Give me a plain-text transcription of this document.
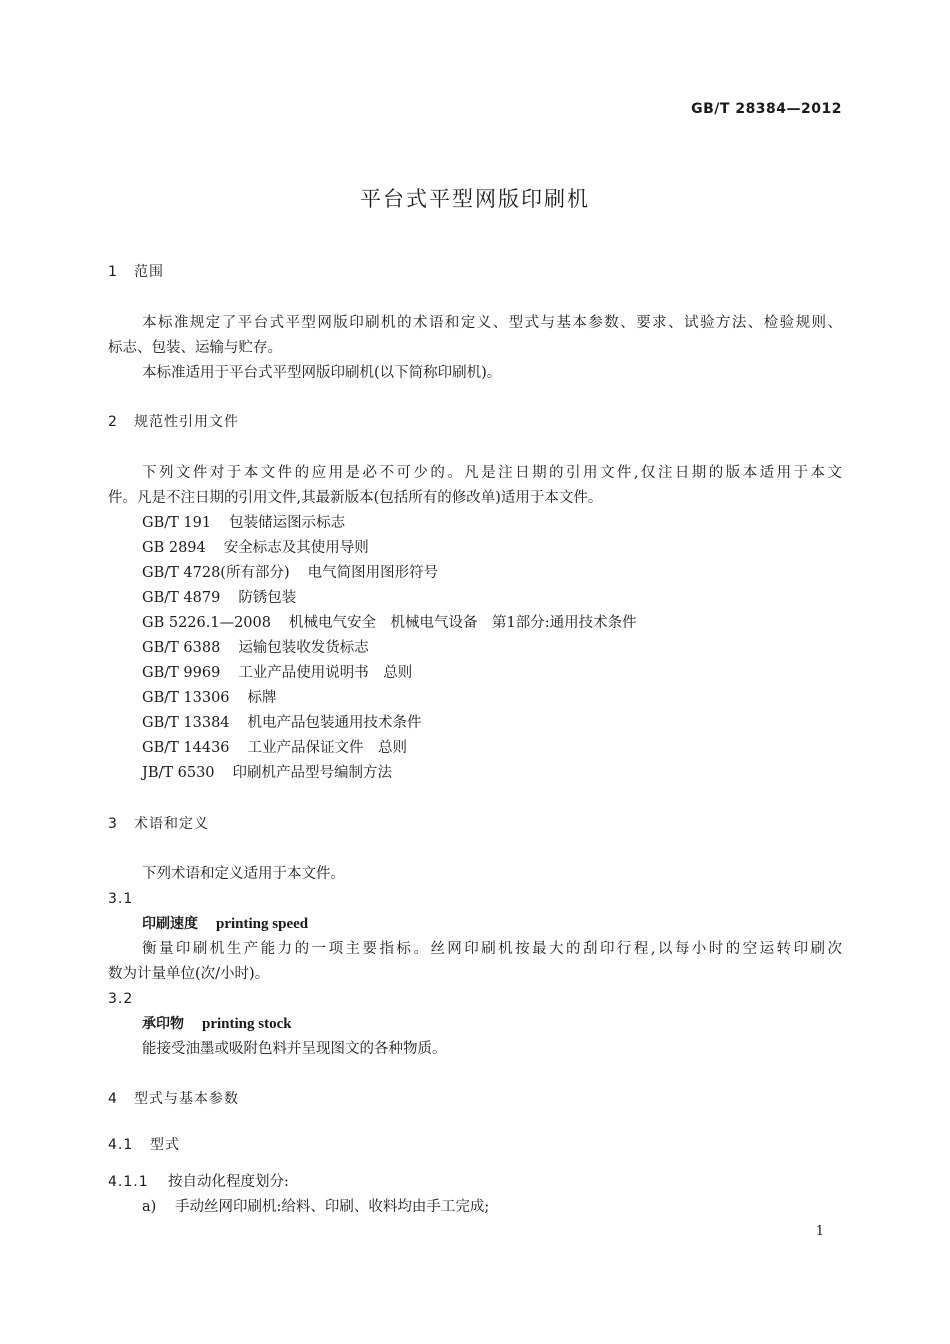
GB/T 28384—2012
平台式平型网版印刷机
1 范围
本标准规定了平台式平型网版印刷机的术语和定义、型式与基本参数、要求、试验方法、检验规则、
标志、包装、运输与贮存。
本标准适用于平台式平型网版印刷机(以下简称印刷机)。
2 规范性引用文件
下列文件对于本文件的应用是必不可少的。凡是注日期的引用文件,仅注日期的版本适用于本文
件。凡是不注日期的引用文件,其最新版本(包括所有的修改单)适用于本文件。
GB/T 191 包装储运图示标志
GB 2894 安全标志及其使用导则
GB/T 4728(所有部分) 电气简图用图形符号
GB/T 4879 防锈包装
GB 5226.1—2008 机械电气安全　机械电气设备　第1部分:通用技术条件
GB/T 6388 运输包装收发货标志
GB/T 9969 工业产品使用说明书　总则
GB/T 13306 标牌
GB/T 13384 机电产品包装通用技术条件
GB/T 14436 工业产品保证文件　总则
JB/T 6530 印刷机产品型号编制方法
3 术语和定义
下列术语和定义适用于本文件。
3.1
印刷速度 printing speed
衡量印刷机生产能力的一项主要指标。丝网印刷机按最大的刮印行程,以每小时的空运转印刷次
数为计量单位(次/小时)。
3.2
承印物 printing stock
能接受油墨或吸附色料并呈现图文的各种物质。
4 型式与基本参数
4.1 型式
4.1.1 按自动化程度划分:
a) 手动丝网印刷机:给料、印刷、收料均由手工完成;
1
